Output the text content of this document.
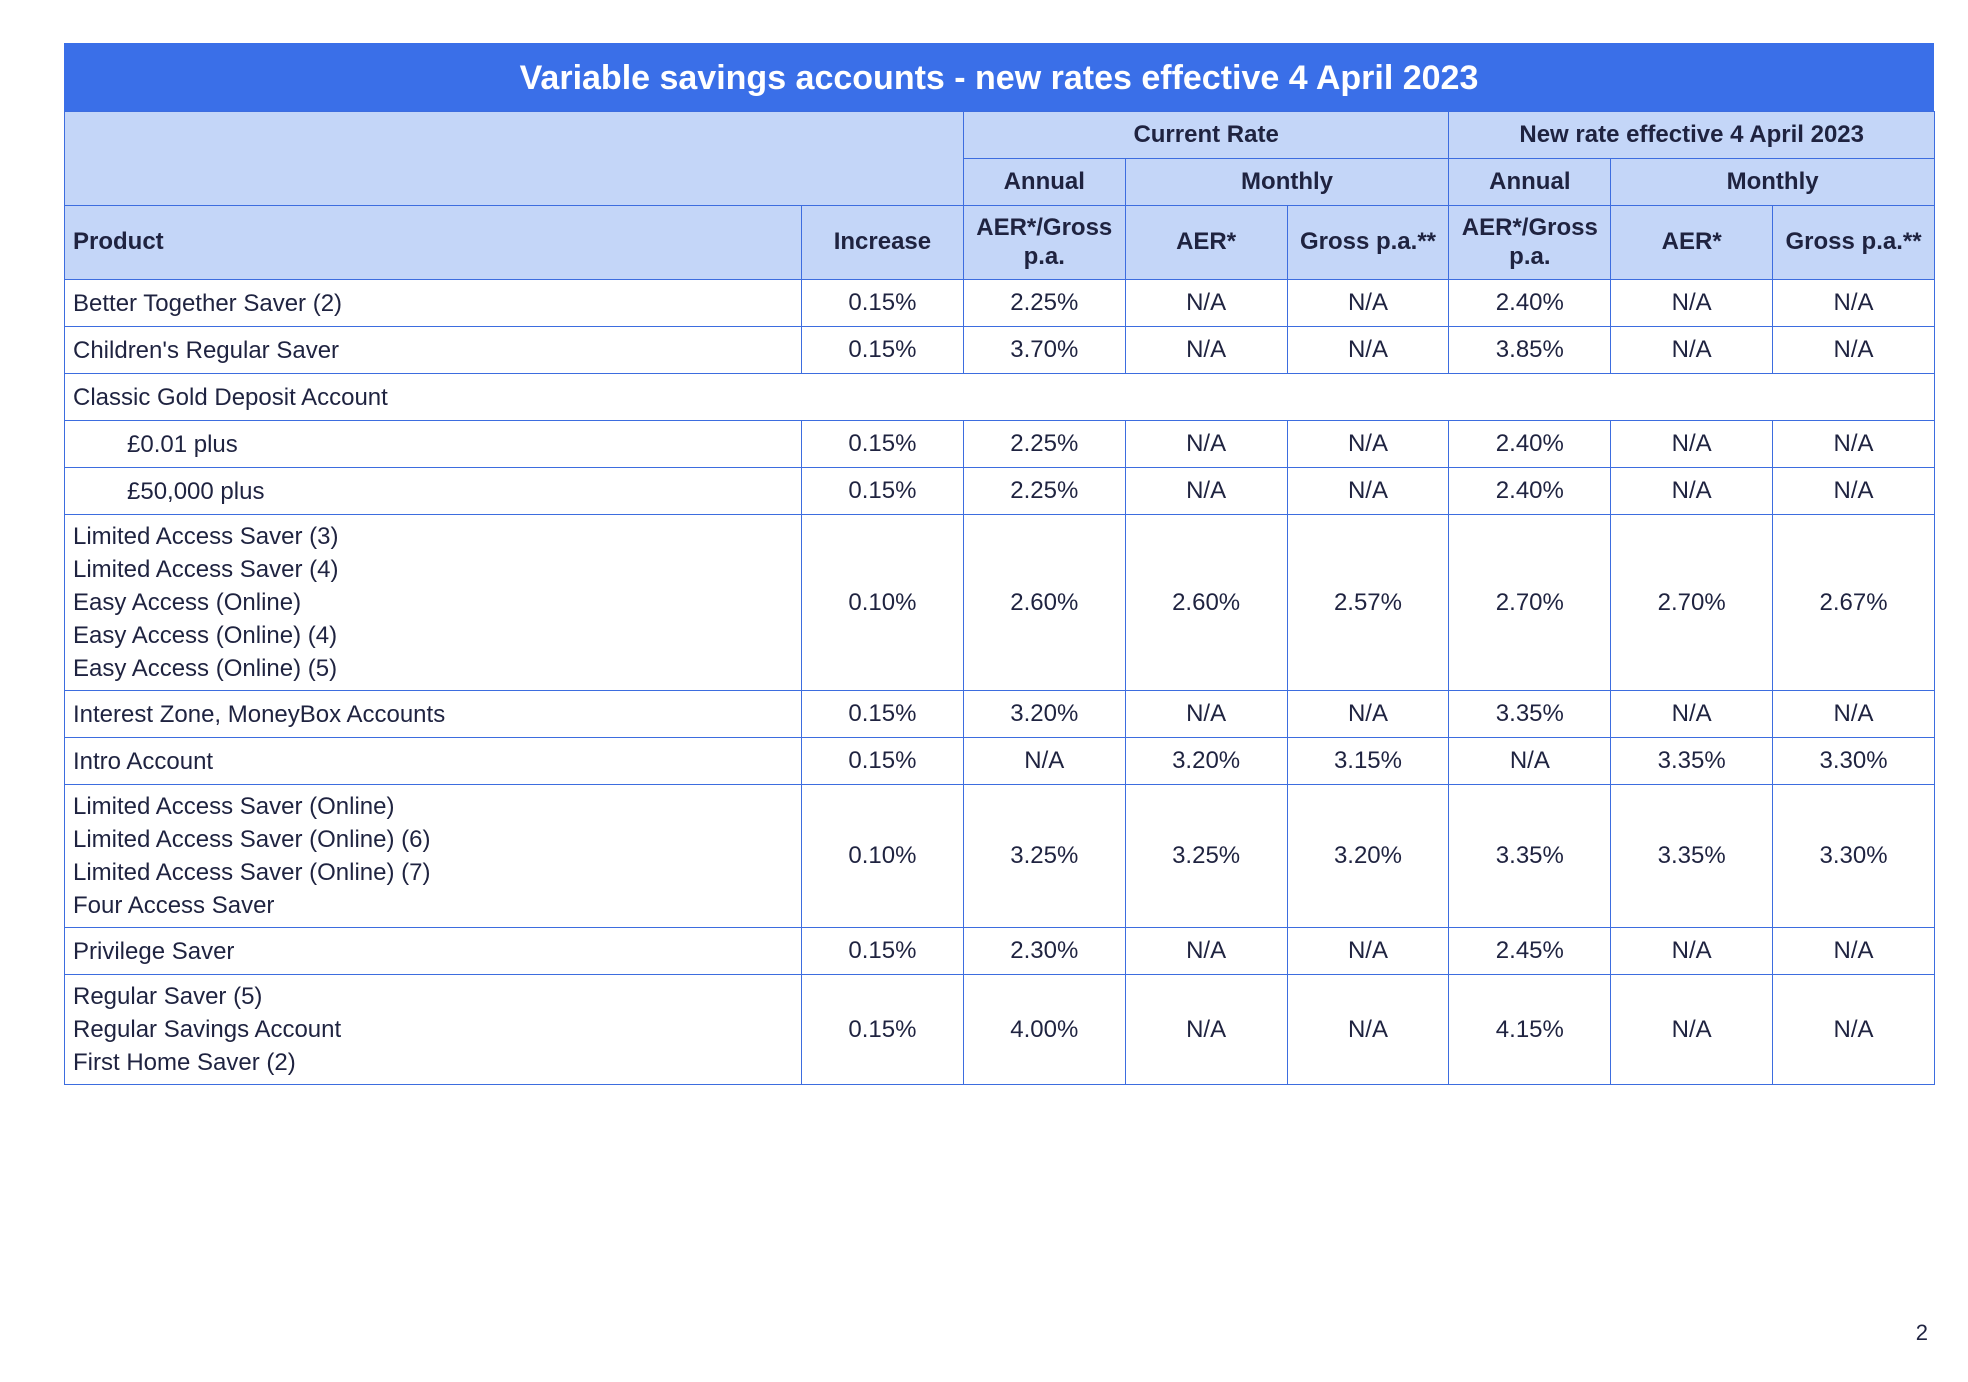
Variable savings accounts - new rates effective 4 April 2023
		Current Rate			New rate effective 4 April 2023		
		Annual	Monthly		Annual	Monthly	
Product	Increase	AER*/Gross p.a.	AER*	Gross p.a.**	AER*/Gross p.a.	AER*	Gross p.a.**

Better Together Saver (2)	0.15%	2.25%	N/A	N/A	2.40%	N/A	N/A

Children's Regular Saver	0.15%	3.70%	N/A	N/A	3.85%	N/A	N/A

Classic Gold Deposit Account							

£0.01 plus	0.15%	2.25%	N/A	N/A	2.40%	N/A	N/A

£50,000 plus	0.15%	2.25%	N/A	N/A	2.40%	N/A	N/A

Limited Access Saver (3)
Limited Access Saver (4)
Easy Access (Online)
Easy Access (Online) (4)
Easy Access (Online) (5)	0.10%	2.60%	2.60%	2.57%	2.70%	2.70%	2.67%

Interest Zone, MoneyBox Accounts	0.15%	3.20%	N/A	N/A	3.35%	N/A	N/A

Intro Account	0.15%	N/A	3.20%	3.15%	N/A	3.35%	3.30%

Limited Access Saver (Online)
Limited Access Saver (Online) (6)
Limited Access Saver (Online) (7)
Four Access Saver	0.10%	3.25%	3.25%	3.20%	3.35%	3.35%	3.30%

Privilege Saver	0.15%	2.30%	N/A	N/A	2.45%	N/A	N/A

Regular Saver (5)
Regular Savings Account
First Home Saver (2)	0.15%	4.00%	N/A	N/A	4.15%	N/A	N/A
2
